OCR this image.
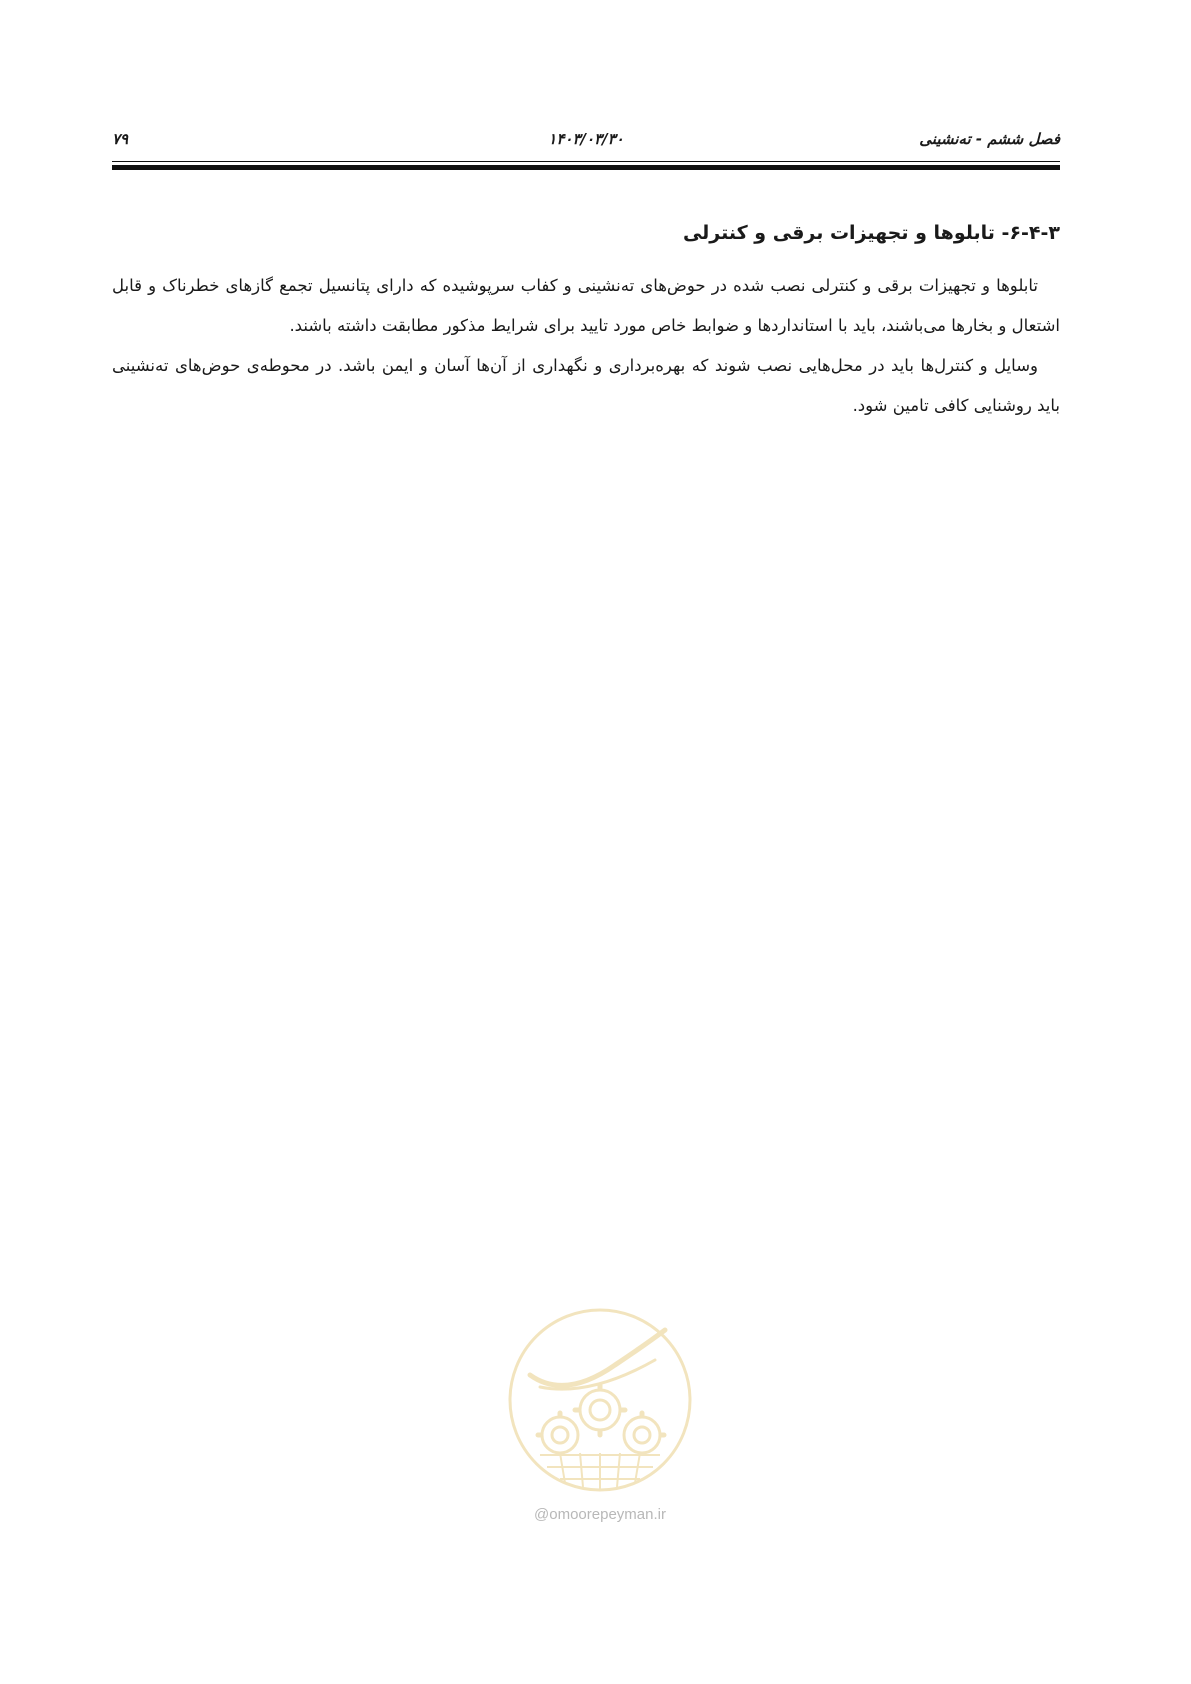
فصل ششم - ته‌نشینی
۱۴۰۳/۰۳/۳۰
۷۹
۶-۴-۳- تابلوها و تجهیزات برقی و کنترلی

تابلوها و تجهیزات برقی و کنترلی نصب شده در حوض‌های ته‌نشینی و کفاب سرپوشیده که دارای پتانسیل تجمع گازهای خطرناک و قابل اشتعال و بخارها می‌باشند، باید با استانداردها و ضوابط خاص مورد تایید برای شرایط مذکور مطابقت داشته باشند.

وسایل و کنترل‌ها باید در محل‌هایی نصب شوند که بهره‌برداری و نگهداری از آن‌ها آسان و ایمن باشد. در محوطه‌ی حوض‌های ته‌نشینی باید روشنایی کافی تامین شود.

@omoorepeyman.ir
